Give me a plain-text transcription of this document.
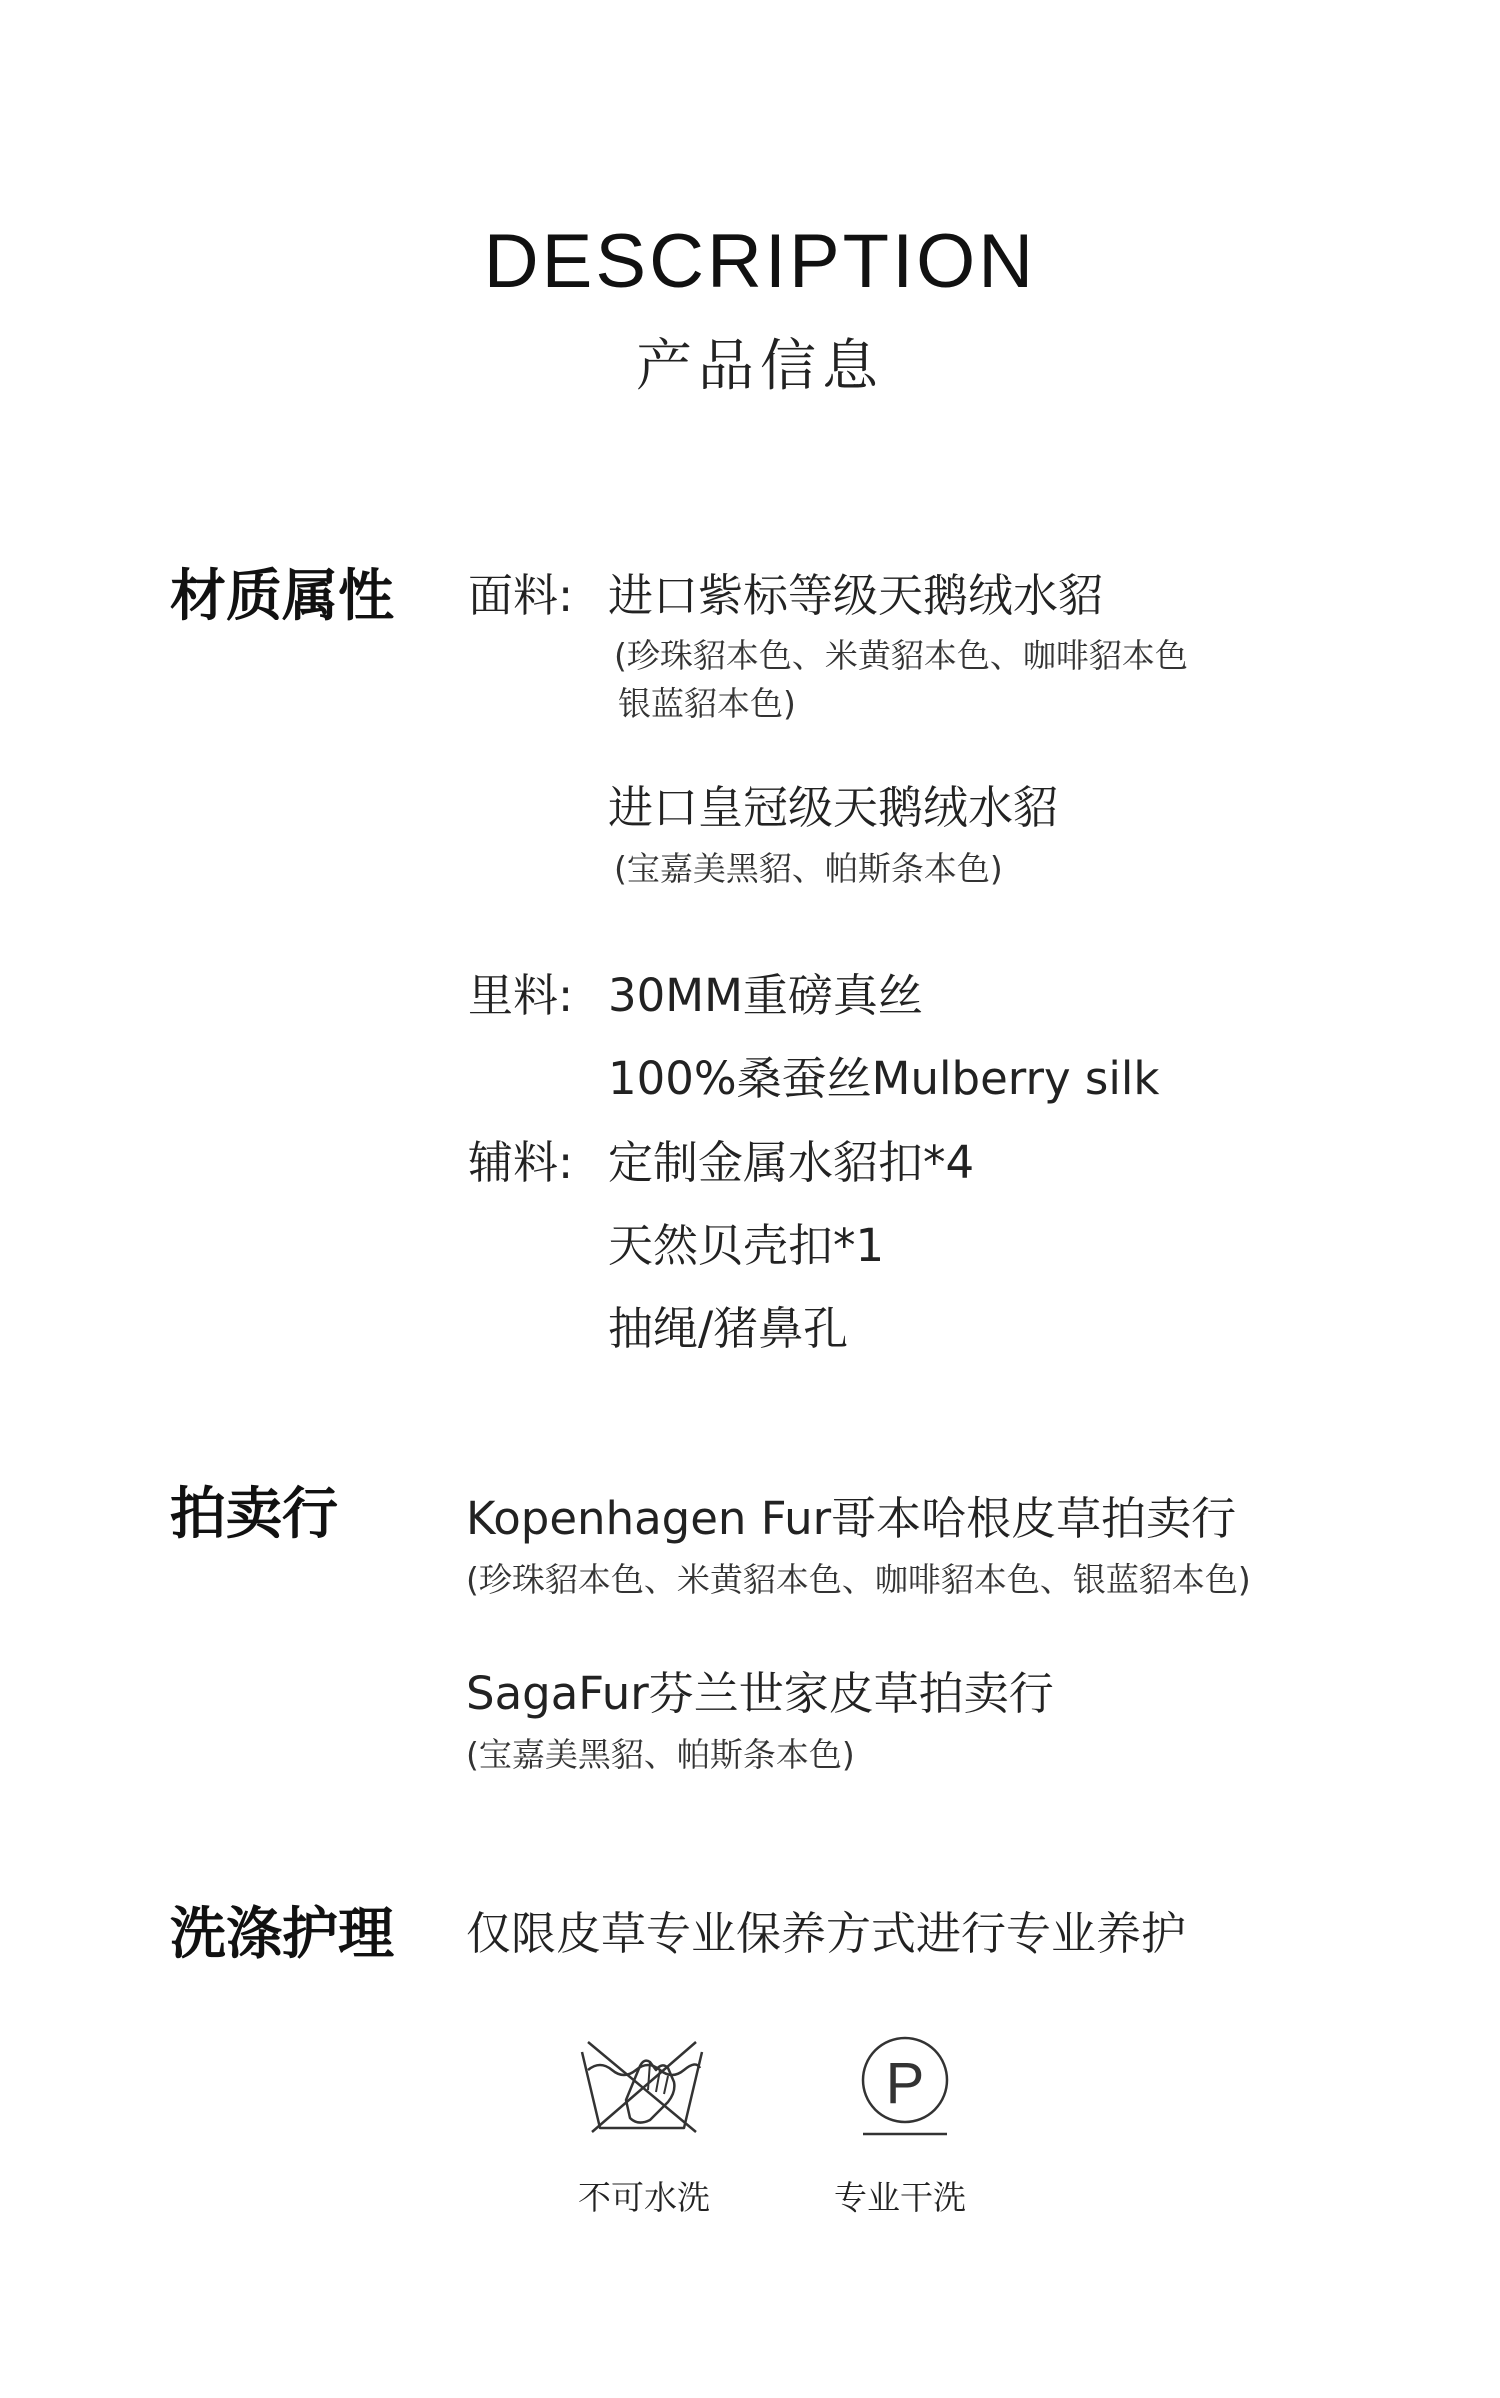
DESCRIPTION
产品信息
材质属性 面料: 进口紫标等级天鹅绒水貂
(珍珠貂本色、米黄貂本色、咖啡貂本色
银蓝貂本色)
进口皇冠级天鹅绒水貂
(宝嘉美黑貂、帕斯条本色)
里料: 30MM重磅真丝
100%桑蚕丝Mulberry silk
辅料: 定制金属水貂扣*4
天然贝壳扣*1
抽绳/猪鼻孔
拍卖行	Kopenhagen Fur哥本哈根皮草拍卖行
(珍珠貂本色、米黄貂本色、咖啡貂本色、银蓝貂本色)
SagaFur芬兰世家皮草拍卖行
(宝嘉美黑貂、帕斯条本色)
洗涤护理 仅限皮草专业保养方式进行专业养护
不可水洗
P
专业干洗
